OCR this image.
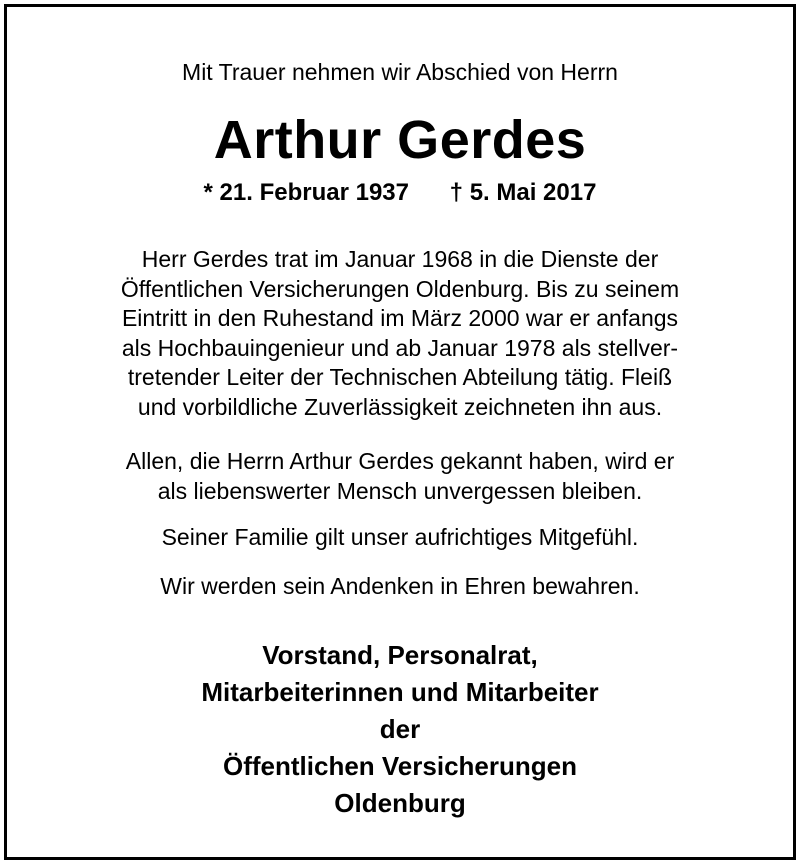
Mit Trauer nehmen wir Abschied von Herrn
Arthur Gerdes
* 21. Februar 1937 † 5. Mai 2017
Herr Gerdes trat im Januar 1968 in die Dienste der
Öffentlichen Versicherungen Oldenburg. Bis zu seinem
Eintritt in den Ruhestand im März 2000 war er anfangs
als Hochbauingenieur und ab Januar 1978 als stellver-
tretender Leiter der Technischen Abteilung tätig. Fleiß
und vorbildliche Zuverlässigkeit zeichneten ihn aus.
Allen, die Herrn Arthur Gerdes gekannt haben, wird er
als liebenswerter Mensch unvergessen bleiben.
Seiner Familie gilt unser aufrichtiges Mitgefühl.
Wir werden sein Andenken in Ehren bewahren.
Vorstand, Personalrat,
Mitarbeiterinnen und Mitarbeiter
der
Öffentlichen Versicherungen
Oldenburg
